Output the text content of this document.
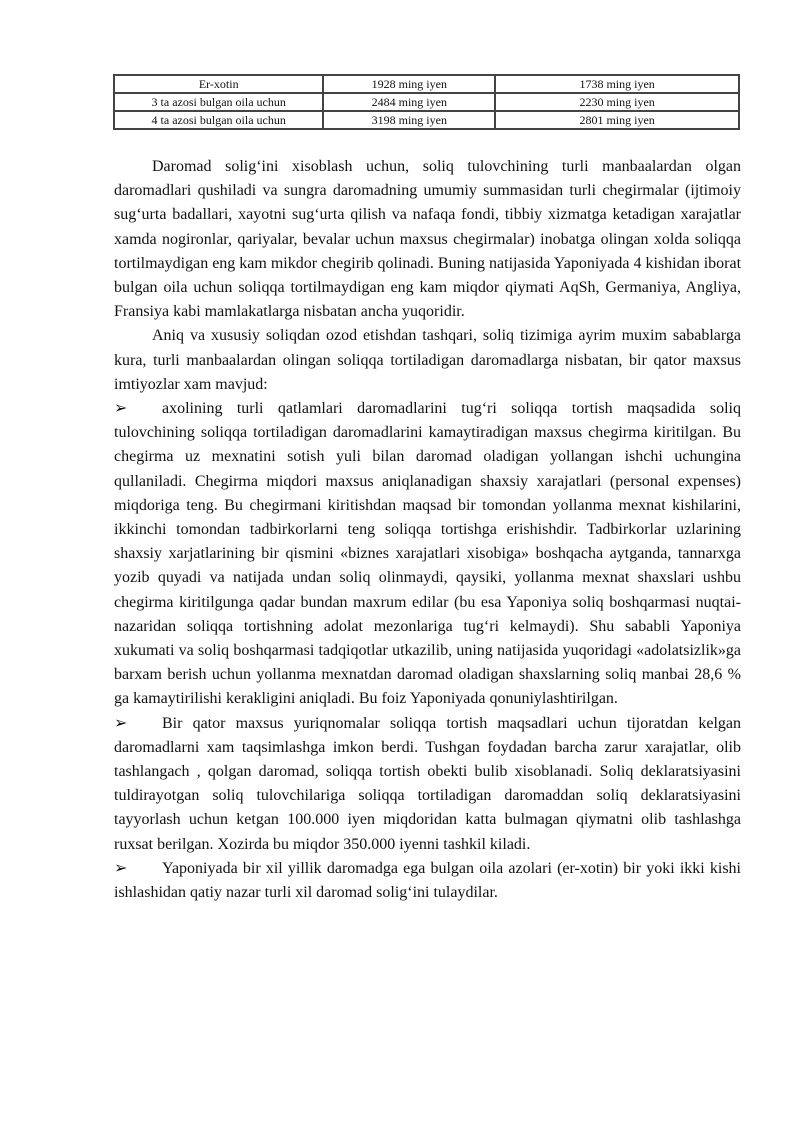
Er-xotin	1928 ming iyen	1738 ming iyen
3 ta azosi bulgan oila uchun	2484 ming iyen	2230 ming iyen
4 ta azosi bulgan oila uchun	3198 ming iyen	2801 ming iyen

Daromad solig‘ini xisoblash uchun, soliq tulovchining turli manbaalardan olgan daromadlari qushiladi va sungra daromadning umumiy summasidan turli chegirmalar (ijtimoiy sug‘urta badallari, xayotni sug‘urta qilish va nafaqa fondi, tibbiy xizmatga ketadigan xarajatlar xamda nogironlar, qariyalar, bevalar uchun maxsus chegirmalar) inobatga olingan xolda soliqqa tortilmaydigan eng kam mikdor chegirib qolinadi. Buning natijasida Yaponiyada 4 kishidan iborat bulgan oila uchun soliqqa tortilmaydigan eng kam miqdor qiymati AqSh, Germaniya, Angliya, Fransiya kabi mamlakatlarga nisbatan ancha yuqoridir.

Aniq va xususiy soliqdan ozod etishdan tashqari, soliq tizimiga ayrim muxim sabablarga kura, turli manbaalardan olingan soliqqa tortiladigan daromadlarga nisbatan, bir qator maxsus imtiyozlar xam mavjud:

➢ axolining turli qatlamlari daromadlarini tug‘ri soliqqa tortish maqsadida soliq tulovchining soliqqa tortiladigan daromadlarini kamaytiradigan maxsus chegirma kiritilgan. Bu chegirma uz mexnatini sotish yuli bilan daromad oladigan yollangan ishchi uchungina qullaniladi. Chegirma miqdori maxsus aniqlanadigan shaxsiy xarajatlari (personal expenses) miqdoriga teng. Bu chegirmani kiritishdan maqsad bir tomondan yollanma mexnat kishilarini, ikkinchi tomondan tadbirkorlarni teng soliqqa tortishga erishishdir. Tadbirkorlar uzlarining shaxsiy xarjatlarining bir qismini «biznes xarajatlari xisobiga» boshqacha aytganda, tannarxga yozib quyadi va natijada undan soliq olinmaydi, qaysiki, yollanma mexnat shaxslari ushbu chegirma kiritilgunga qadar bundan maxrum edilar (bu esa Yaponiya soliq boshqarmasi nuqtai-nazaridan soliqqa tortishning adolat mezonlariga tug‘ri kelmaydi). Shu sababli Yaponiya xukumati va soliq boshqarmasi tadqiqotlar utkazilib, uning natijasida yuqoridagi «adolatsizlik»ga barxam berish uchun yollanma mexnatdan daromad oladigan shaxslarning soliq manbai 28,6 % ga kamaytirilishi kerakligini aniqladi. Bu foiz Yaponiyada qonuniylashtirilgan.

➢ Bir qator maxsus yuriqnomalar soliqqa tortish maqsadlari uchun tijoratdan kelgan daromadlarni xam taqsimlashga imkon berdi. Tushgan foydadan barcha zarur xarajatlar, olib tashlangach , qolgan daromad, soliqqa tortish obekti bulib xisoblanadi. Soliq deklaratsiyasini tuldirayotgan soliq tulovchilariga soliqqa tortiladigan daromaddan soliq deklaratsiyasini tayyorlash uchun ketgan 100.000 iyen miqdoridan katta bulmagan qiymatni olib tashlashga ruxsat berilgan. Xozirda bu miqdor 350.000 iyenni tashkil kiladi.

➢ Yaponiyada bir xil yillik daromadga ega bulgan oila azolari (er-xotin) bir yoki ikki kishi ishlashidan qatiy nazar turli xil daromad solig‘ini tulaydilar.
